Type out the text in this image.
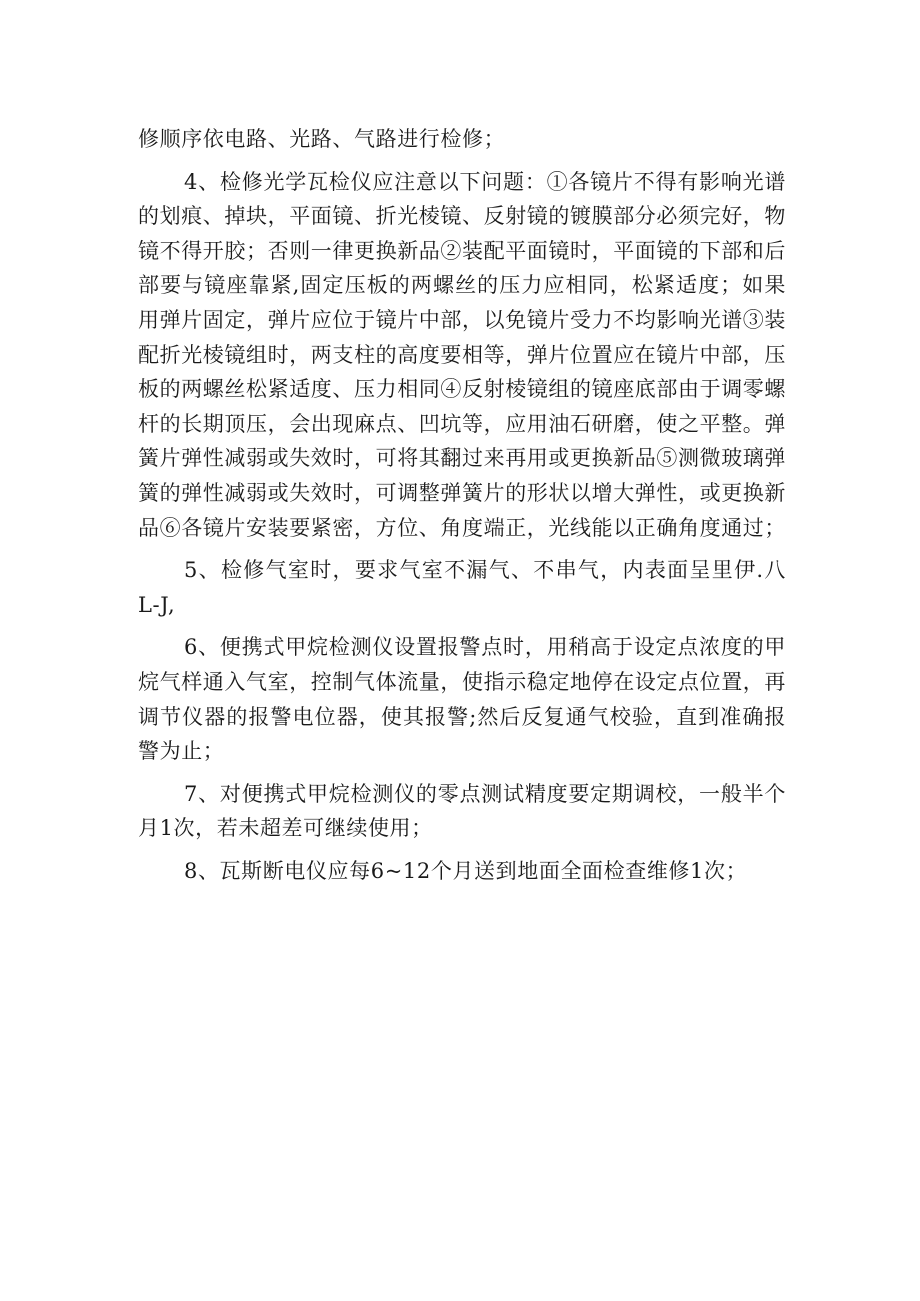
修顺序依电路、光路、气路进行检修；

4、检修光学瓦检仪应注意以下问题：①各镜片不得有影响光谱的划痕、掉块，平面镜、折光棱镜、反射镜的镀膜部分必须完好，物镜不得开胶；否则一律更换新品②装配平面镜时，平面镜的下部和后部要与镜座靠紧,固定压板的两螺丝的压力应相同，松紧适度；如果用弹片固定，弹片应位于镜片中部，以免镜片受力不均影响光谱③装配折光棱镜组时，两支柱的高度要相等，弹片位置应在镜片中部，压板的两螺丝松紧适度、压力相同④反射棱镜组的镜座底部由于调零螺杆的长期顶压，会出现麻点、凹坑等，应用油石研磨，使之平整。弹簧片弹性减弱或失效时，可将其翻过来再用或更换新品⑤测微玻璃弹簧的弹性减弱或失效时，可调整弹簧片的形状以增大弹性，或更换新品⑥各镜片安装要紧密，方位、角度端正，光线能以正确角度通过；

5、检修气室时，要求气室不漏气、不串气，内表面呈里伊.八L-J,

6、便携式甲烷检测仪设置报警点时，用稍高于设定点浓度的甲烷气样通入气室，控制气体流量，使指示稳定地停在设定点位置，再调节仪器的报警电位器，使其报警;然后反复通气校验，直到准确报警为止；

7、对便携式甲烷检测仪的零点测试精度要定期调校，一般半个月1次，若未超差可继续使用；

8、瓦斯断电仪应每6~12个月送到地面全面检查维修1次；
